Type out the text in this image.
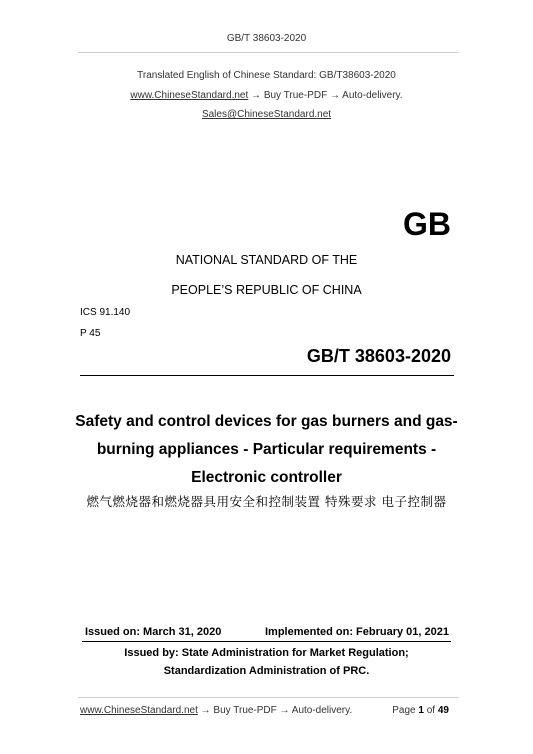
GB/T 38603-2020
Translated English of Chinese Standard: GB/T38603-2020
www.ChineseStandard.net → Buy True-PDF → Auto-delivery.
Sales@ChineseStandard.net
GB
NATIONAL STANDARD OF THE
PEOPLE’S REPUBLIC OF CHINA
ICS 91.140
P 45
GB/T 38603-2020
Safety and control devices for gas burners and gas-
burning appliances - Particular requirements -
Electronic controller
燃气燃烧器和燃烧器具用安全和控制装置 特殊要求 电子控制器
Issued on: March 31, 2020	Implemented on: February 01, 2021
Issued by: State Administration for Market Regulation;
Standardization Administration of PRC.
www.ChineseStandard.net → Buy True-PDF → Auto-delivery.	Page 1 of 49
